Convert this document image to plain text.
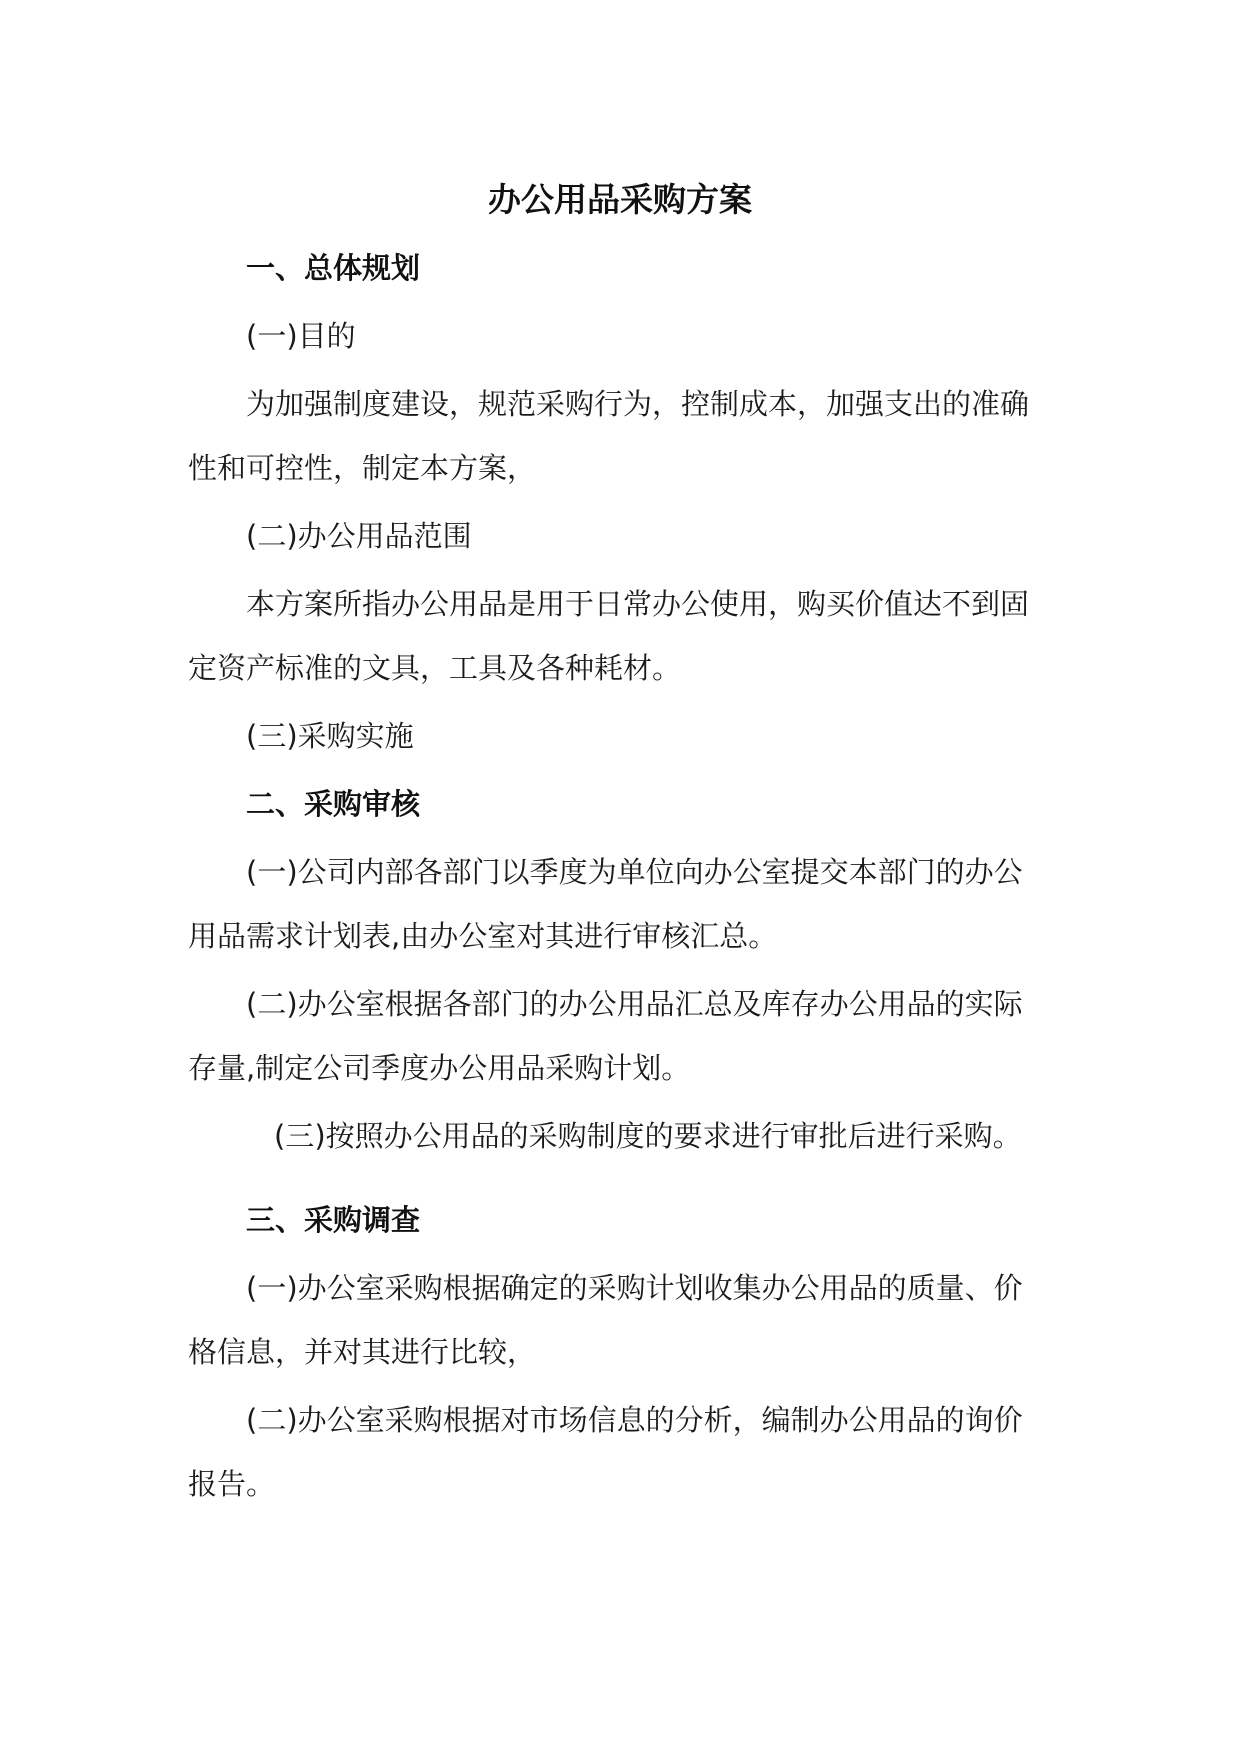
办公用品采购方案
一、总体规划
(一)目的
为加强制度建设，规范采购行为，控制成本，加强支出的准确
性和可控性，制定本方案，
(二)办公用品范围
本方案所指办公用品是用于日常办公使用，购买价值达不到固
定资产标准的文具，工具及各种耗材。
(三)采购实施
二、采购审核
(一)公司内部各部门以季度为单位向办公室提交本部门的办公
用品需求计划表,由办公室对其进行审核汇总。
(二)办公室根据各部门的办公用品汇总及库存办公用品的实际
存量,制定公司季度办公用品采购计划。
(三)按照办公用品的采购制度的要求进行审批后进行采购。
三、采购调查
(一)办公室采购根据确定的采购计划收集办公用品的质量、价
格信息，并对其进行比较，
(二)办公室采购根据对市场信息的分析，编制办公用品的询价
报告。
